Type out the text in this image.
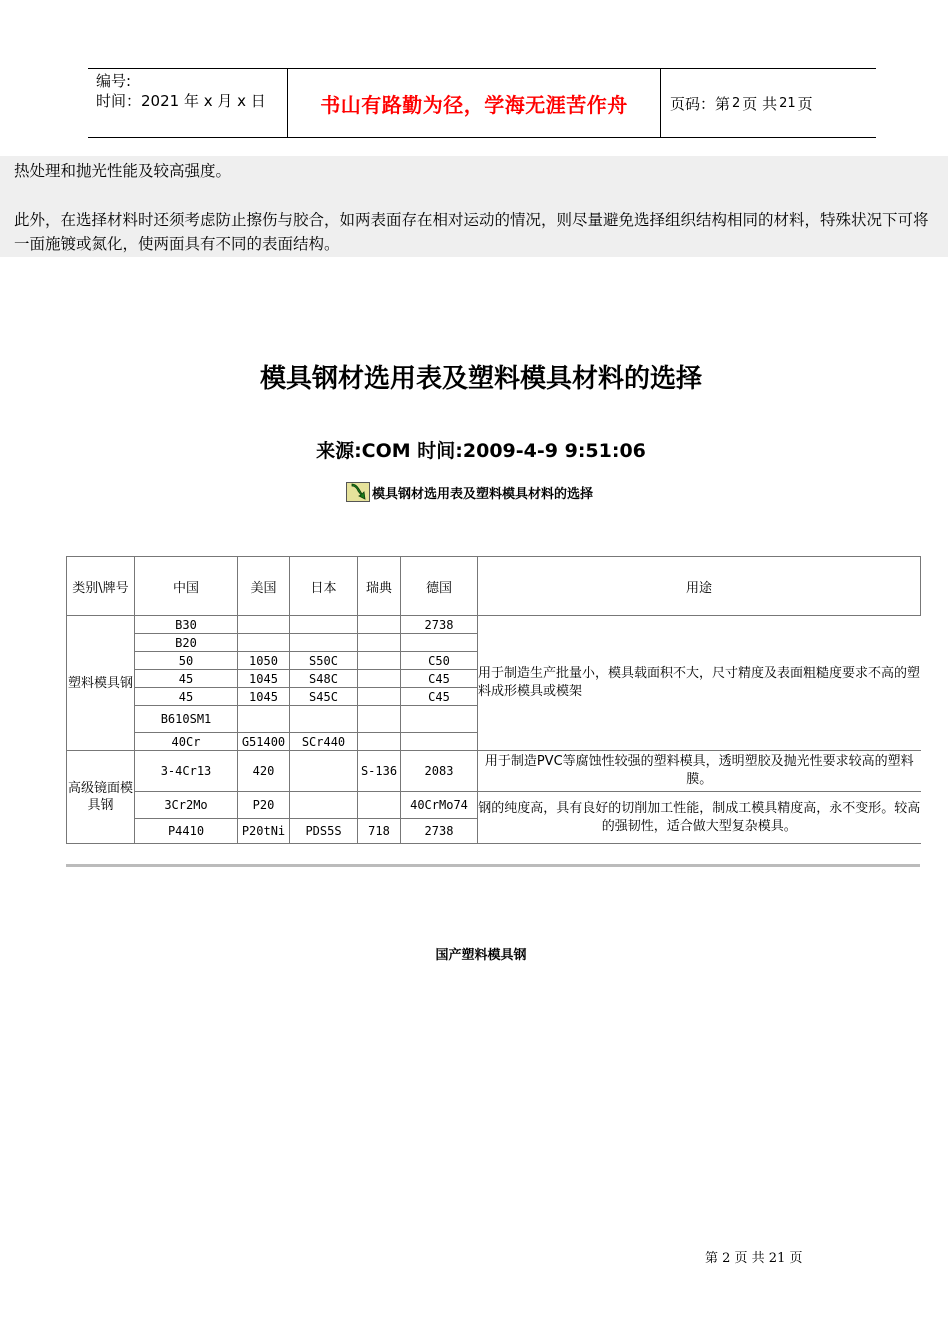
编号:
时间：2021 年 x 月 x 日	书山有路勤为径，学海无涯苦作舟	页码：第 2 页 共 21 页

热处理和抛光性能及较高强度。

此外，在选择材料时还须考虑防止擦伤与胶合，如两表面存在相对运动的情况，则尽量避免选择组织结构相同的材料，特殊状况下可将一面施镀或氮化，使两面具有不同的表面结构。

模具钢材选用表及塑料模具材料的选择
来源:COM 时间:2009-4-9 9:51:06
模具钢材选用表及塑料模具材料的选择
类别\牌号	中国	美国	日本	瑞典	德国	用途
塑料模具钢	B30				2738	用于制造生产批量小，模具载面积不大，尺寸精度及表面粗糙度要求不高的塑料成形模具或模架
	B20					
	50	1050	S50C		C50	
	45	1045	S48C		C45	
	45	1045	S45C		C45	
	B610SM1					
	40Cr	G51400	SCr440			
高级镜面模具钢	3-4Cr13	420		S-136	2083	用于制造PVC等腐蚀性较强的塑料模具，透明塑胶及抛光性要求较高的塑料膜。
	3Cr2Mo	P20			40CrMo74	钢的纯度高，具有良好的切削加工性能，制成工模具精度高，永不变形。较高的强韧性，适合做大型复杂模具。
	P4410	P20tNi	PDS5S	718	2738	
国产塑料模具钢
第 2 页 共 21 页
